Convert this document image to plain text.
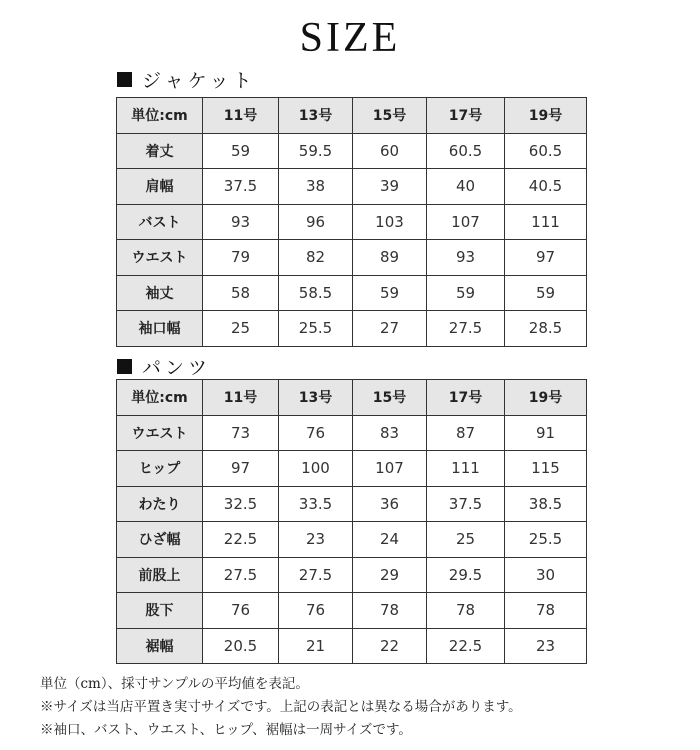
SIZE
ジャケット
単位:cm	11号	13号	15号	17号	19号
着丈	59	59.5	60	60.5	60.5
肩幅	37.5	38	39	40	40.5
バスト	93	96	103	107	111
ウエスト	79	82	89	93	97
袖丈	58	58.5	59	59	59
袖口幅	25	25.5	27	27.5	28.5
パンツ
単位:cm	11号	13号	15号	17号	19号
ウエスト	73	76	83	87	91
ヒップ	97	100	107	111	115
わたり	32.5	33.5	36	37.5	38.5
ひざ幅	22.5	23	24	25	25.5
前股上	27.5	27.5	29	29.5	30
股下	76	76	78	78	78
裾幅	20.5	21	22	22.5	23
単位（cm）、採寸サンプルの平均値を表記。
※サイズは当店平置き実寸サイズです。上記の表記とは異なる場合があります。
※袖口、バスト、ウエスト、ヒップ、裾幅は一周サイズです。
